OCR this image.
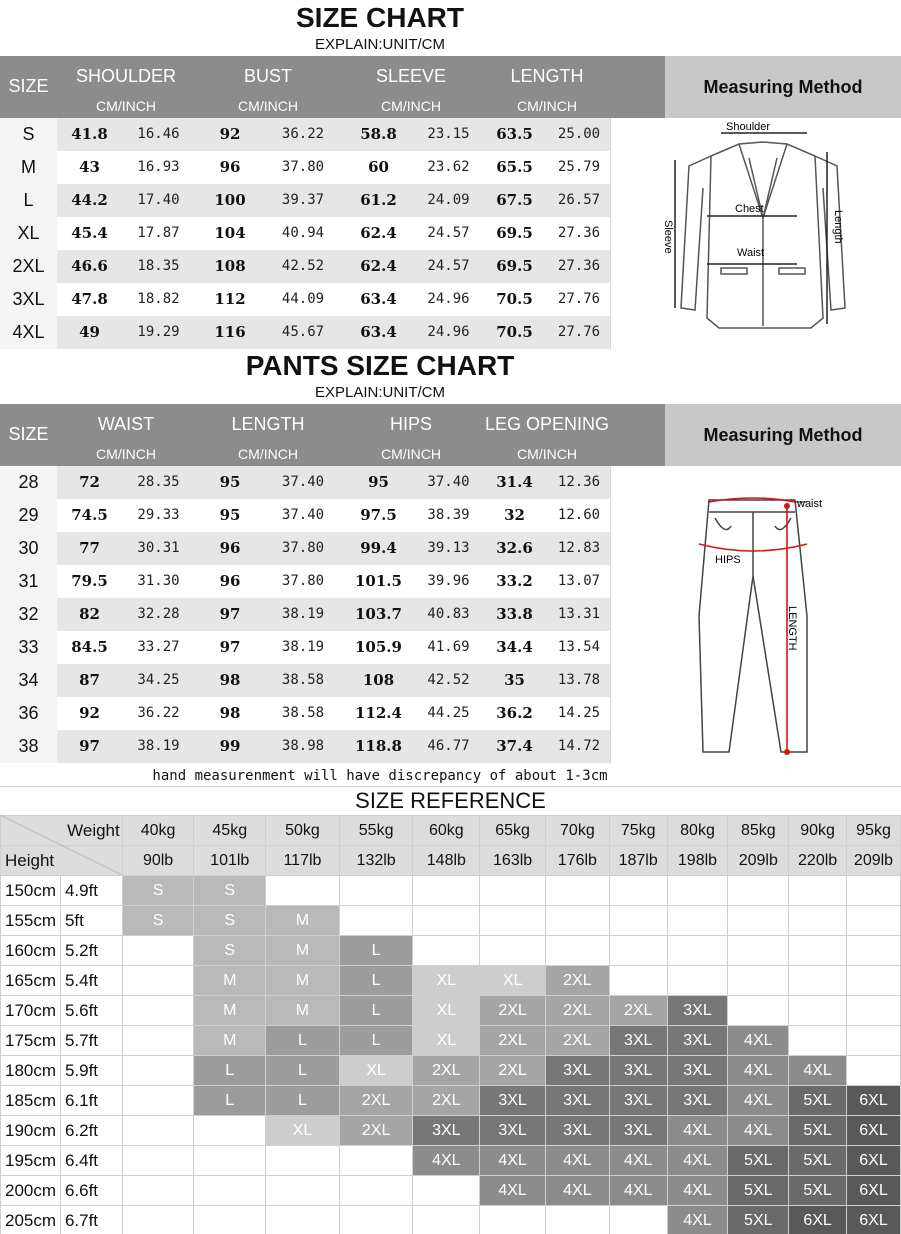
SIZE CHART
EXPLAIN:UNIT/CM
SIZE	SHOULDER	BUST	SLEEVE	LENGTH
CM/INCH	CM/INCH	CM/INCH	CM/INCH
Measuring Method
S	41.8	16.46	92	36.22	58.8	23.15	63.5	25.00
M	43	16.93	96	37.80	60	23.62	65.5	25.79
L	44.2	17.40	100	39.37	61.2	24.09	67.5	26.57
XL	45.4	17.87	104	40.94	62.4	24.57	69.5	27.36
2XL	46.6	18.35	108	42.52	62.4	24.57	69.5	27.36
3XL	47.8	18.82	112	44.09	63.4	24.96	70.5	27.76
4XL	49	19.29	116	45.67	63.4	24.96	70.5	27.76
Shoulder
Chest
Waist
Sleeve	Length
PANTS SIZE CHART
EXPLAIN:UNIT/CM
SIZE	WAIST	LENGTH	HIPS	LEG OPENING
CM/INCH	CM/INCH	CM/INCH	CM/INCH
Measuring Method
28	72	28.35	95	37.40	95	37.40	31.4	12.36
29	74.5	29.33	95	37.40	97.5	38.39	32	12.60
30	77	30.31	96	37.80	99.4	39.13	32.6	12.83
31	79.5	31.30	96	37.80	101.5	39.96	33.2	13.07
32	82	32.28	97	38.19	103.7	40.83	33.8	13.31
33	84.5	33.27	97	38.19	105.9	41.69	34.4	13.54
34	87	34.25	98	38.58	108	42.52	35	13.78
36	92	36.22	98	38.58	112.4	44.25	36.2	14.25
38	97	38.19	99	38.98	118.8	46.77	37.4	14.72
waist
HIPS
LENGTH
hand measurenment will have discrepancy of about 1-3cm
SIZE REFERENCE
Weight		40kg	45kg	50kg	55kg	60kg	65kg	70kg	75kg	80kg	85kg	90kg	95kg
Height		90lb	101lb	117lb	132lb	148lb	163lb	176lb	187lb	198lb	209lb	220lb	209lb
150cm	4.9ft	S	S										
155cm	5ft	S	S	M									
160cm	5.2ft		S	M	L								
165cm	5.4ft		M	M	L	XL	XL	2XL					
170cm	5.6ft		M	M	L	XL	2XL	2XL	2XL	3XL			
175cm	5.7ft		M	L	L	XL	2XL	2XL	3XL	3XL	4XL		
180cm	5.9ft		L	L	XL	2XL	2XL	3XL	3XL	3XL	4XL	4XL	
185cm	6.1ft		L	L	2XL	2XL	3XL	3XL	3XL	3XL	4XL	5XL	6XL
190cm	6.2ft			XL	2XL	3XL	3XL	3XL	3XL	4XL	4XL	5XL	6XL
195cm	6.4ft					4XL	4XL	4XL	4XL	4XL	5XL	5XL	6XL
200cm	6.6ft						4XL	4XL	4XL	4XL	5XL	5XL	6XL
205cm	6.7ft									4XL	5XL	6XL	6XL
